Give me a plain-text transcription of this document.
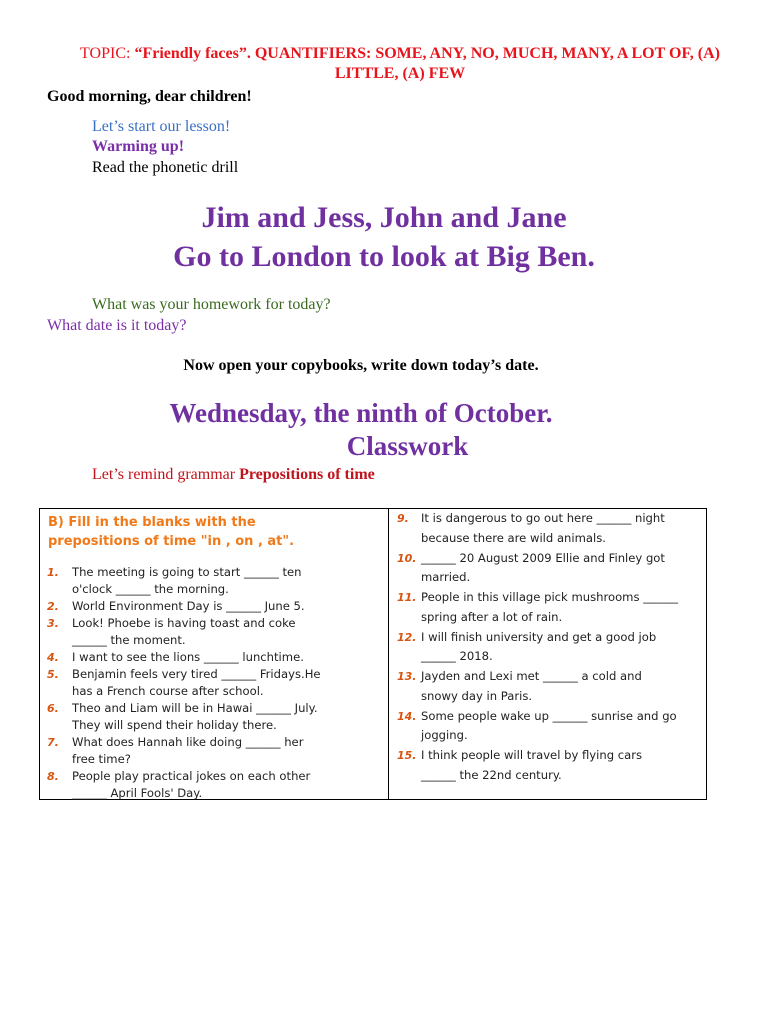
TOPIC: “Friendly faces”. QUANTIFIERS: SOME, ANY, NO, MUCH, MANY, A LOT OF, (A) LITTLE, (A) FEW
Good morning, dear children!
Let’s start our lesson!
Warming up!
Read the phonetic drill
Jim and Jess, John and Jane
Go to London to look at Big Ben.
What was your homework for today?
What date is it today?
Now open your copybooks, write down today’s date.
Wednesday, the ninth of October.
Classwork
Let’s remind grammar Prepositions of time
B) Fill in the blanks with the
prepositions of time "in , on , at".
1. The meeting is going to start ______ ten
o'clock ______ the morning.
2. World Environment Day is ______ June 5.
3. Look! Phoebe is having toast and coke
______ the moment.
4. I want to see the lions ______ lunchtime.
5. Benjamin feels very tired ______ Fridays.He
has a French course after school.
6. Theo and Liam will be in Hawai ______ July.
They will spend their holiday there.
7. What does Hannah like doing ______ her
free time?
8. People play practical jokes on each other
______ April Fools' Day.
9. It is dangerous to go out here ______ night
because there are wild animals.
10. ______ 20 August 2009 Ellie and Finley got
married.
11. People in this village pick mushrooms ______
spring after a lot of rain.
12. I will finish university and get a good job
______ 2018.
13. Jayden and Lexi met ______ a cold and
snowy day in Paris.
14. Some people wake up ______ sunrise and go
jogging.
15. I think people will travel by flying cars
______ the 22nd century.
